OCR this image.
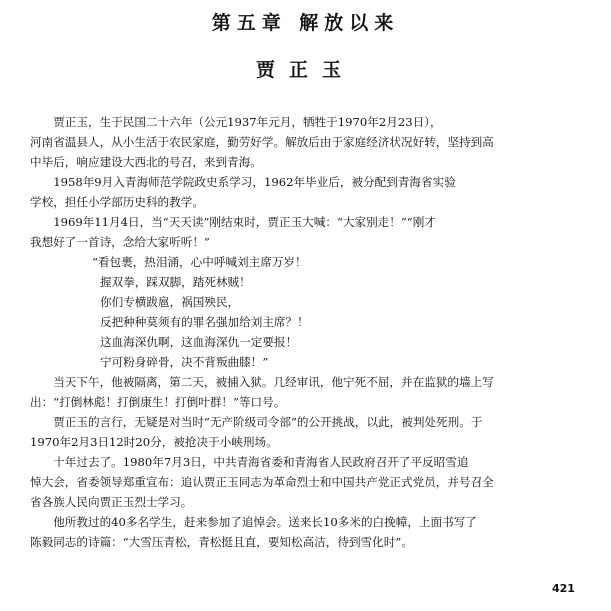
第五章 解放以来
贾正玉

贾正玉，生于民国二十六年（公元1937年元月，牺牲于1970年2月23日），

河南省温县人，从小生活于农民家庭，勤劳好学。解放后由于家庭经济状况好转，坚持到高

中毕后，响应建设大西北的号召，来到青海。

1958年9月入青海师范学院政史系学习，1962年毕业后，被分配到青海省实验

学校，担任小学部历史科的教学。

1969年11月4日，当“天天读”刚结束时，贾正玉大喊：“大家别走！”“刚才

我想好了一首诗，念给大家听听！”

“看包裹，热泪涌，心中呼喊刘主席万岁！

握双拳，踩双脚，踏死林贼！

你们专横跋扈，祸国殃民，

反把种种莫须有的罪名强加给刘主席？！

这血海深仇啊，这血海深仇一定要报！

宁可粉身碎骨，决不背叛曲膝！”

当天下午，他被隔离，第二天，被捕入狱。几经审讯，他宁死不屈，并在监狱的墙上写

出：“打倒林彪！打倒康生！打倒叶群！”等口号。

贾正玉的言行，无疑是对当时“无产阶级司令部”的公开挑战，以此，被判处死刑。于

1970年2月3日12时20分，被抢决于小峡刑场。

十年过去了。1980年7月3日，中共青海省委和青海省人民政府召开了平反昭雪追

悼大会，省委领导郑重宣布：追认贾正玉同志为革命烈士和中国共产党正式党员，并号召全

省各族人民向贾正玉烈士学习。

他所教过的40多名学生，赶来参加了追悼会。送来长10多米的白挽幛，上面书写了

陈毅同志的诗篇：“大雪压青松，青松挺且直，要知松高洁，待到雪化时”。

421
